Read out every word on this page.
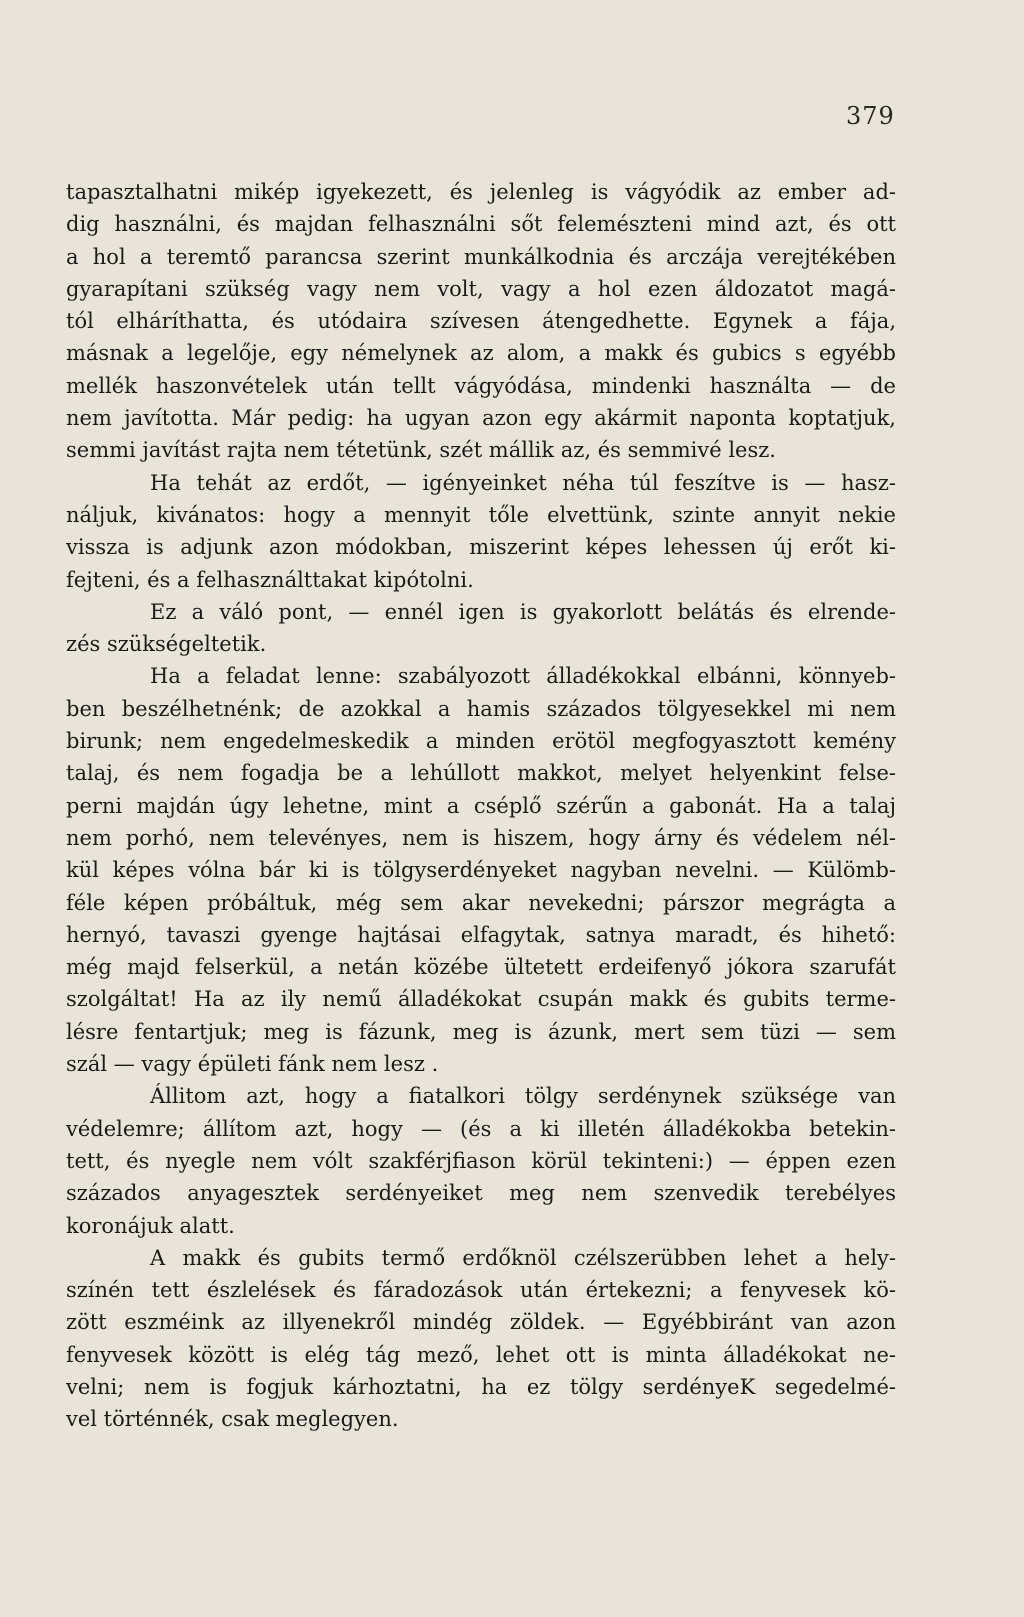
379
tapasztalhatni mikép igyekezett, és jelenleg is vágyódik az ember ad-
dig használni, és majdan felhasználni sőt felemészteni mind azt, és ott
a hol a teremtő parancsa szerint munkálkodnia és arczája verejtékében
gyarapítani szükség vagy nem volt, vagy a hol ezen áldozatot magá-
tól elháríthatta, és utódaira szívesen átengedhette. Egynek a fája,
másnak a legelője, egy némelynek az alom, a makk és gubics s egyébb
mellék haszonvételek után tellt vágyódása, mindenki használta — de
nem javította. Már pedig: ha ugyan azon egy akármit naponta koptatjuk,
semmi javítást rajta nem tétetünk, szét mállik az, és semmivé lesz.
Ha tehát az erdőt, — igényeinket néha túl feszítve is — hasz-
náljuk, kivánatos: hogy a mennyit tőle elvettünk, szinte annyit nekie
vissza is adjunk azon módokban, miszerint képes lehessen új erőt ki-
fejteni, és a felhasználttakat kipótolni.
Ez a váló pont, — ennél igen is gyakorlott belátás és elrende-
zés szükségeltetik.
Ha a feladat lenne: szabályozott álladékokkal elbánni, könnyeb-
ben beszélhetnénk; de azokkal a hamis százados tölgyesekkel mi nem
birunk; nem engedelmeskedik a minden erötöl megfogyasztott kemény
talaj, és nem fogadja be a lehúllott makkot, melyet helyenkint felse-
perni majdán úgy lehetne, mint a cséplő szérűn a gabonát. Ha a talaj
nem porhó, nem televényes, nem is hiszem, hogy árny és védelem nél-
kül képes vólna bár ki is tölgyserdényeket nagyban nevelni. — Külömb-
féle képen próbáltuk, még sem akar nevekedni; párszor megrágta a
hernyó, tavaszi gyenge hajtásai elfagytak, satnya maradt, és hihető:
még majd felserkül, a netán közébe ültetett erdeifenyő jókora szarufát
szolgáltat! Ha az ily nemű álladékokat csupán makk és gubits terme-
lésre fentartjuk; meg is fázunk, meg is ázunk, mert sem tüzi — sem
szál — vagy épületi fánk nem lesz .
Állitom azt, hogy a fiatalkori tölgy serdénynek szüksége van
védelemre; állítom azt, hogy — (és a ki illetén álladékokba betekin-
tett, és nyegle nem vólt szakférjfiason körül tekinteni:) — éppen ezen
százados anyagesztek serdényeiket meg nem szenvedik terebélyes
koronájuk alatt.
A makk és gubits termő erdőknöl czélszerübben lehet a hely-
színén tett észlelések és fáradozások után értekezni; a fenyvesek kö-
zött eszméink az illyenekről mindég zöldek. — Egyébbiránt van azon
fenyvesek között is elég tág mező, lehet ott is minta álladékokat ne-
velni; nem is fogjuk kárhoztatni, ha ez tölgy serdényeK segedelmé-
vel történnék, csak meglegyen.
